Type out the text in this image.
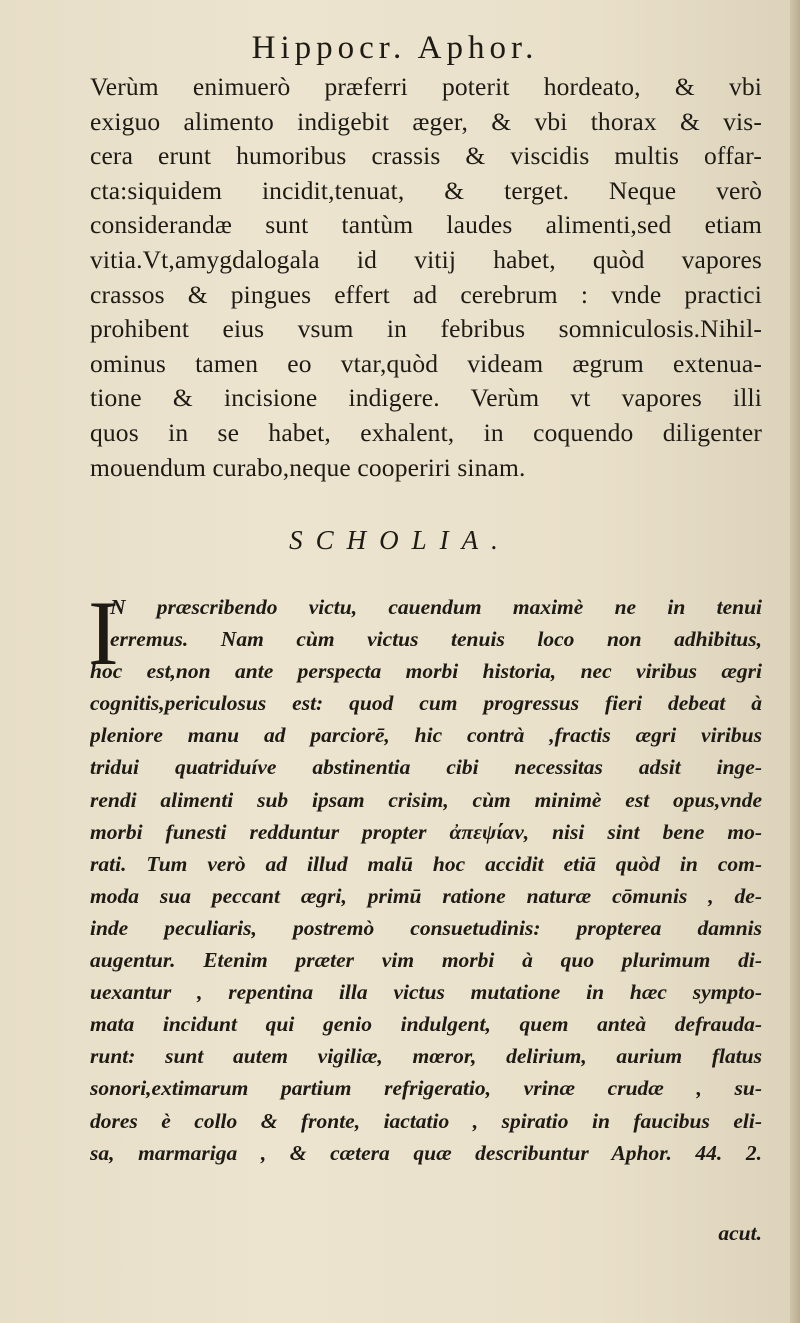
Hippocr. Aphor.
Verùm enimuerò præferri poterit hordeato, & vbi
exiguo alimento indigebit æger, & vbi thorax & vis-
cera erunt humoribus crassis & viscidis multis offar-
cta:siquidem incidit,tenuat, & terget. Neque verò
considerandæ sunt tantùm laudes alimenti,sed etiam
vitia.Vt,amygdalogala id vitij habet, quòd vapores
crassos & pingues effert ad cerebrum : vnde practici
prohibent eius vsum in febribus somniculosis.Nihil-
ominus tamen eo vtar,quòd videam ægrum extenua-
tione & incisione indigere. Verùm vt vapores illi
quos in se habet, exhalent, in coquendo diligenter
mouendum curabo,neque cooperiri sinam.
SCHOLIA.
I
N præscribendo victu, cauendum maximè ne in tenui
erremus. Nam cùm victus tenuis loco non adhibitus,
hoc est,non ante perspecta morbi historia, nec viribus ægri
cognitis,periculosus est: quod cum progressus fieri debeat à
pleniore manu ad parciorē, hic contrà ,fractis ægri viribus
tridui quatriduíve abstinentia cibi necessitas adsit inge-
rendi alimenti sub ipsam crisim, cùm minimè est opus,vnde
morbi funesti redduntur propter ἀπεψίαν, nisi sint bene mo-
rati. Tum verò ad illud malū hoc accidit etiā quòd in com-
moda sua peccant ægri, primū ratione naturæ cōmunis , de-
inde peculiaris, postremò consuetudinis: propterea damnis
augentur. Etenim præter vim morbi à quo plurimum di-
uexantur , repentina illa victus mutatione in hæc sympto-
mata incidunt qui genio indulgent, quem anteà defrauda-
runt: sunt autem vigiliæ, mœror, delirium, aurium flatus
sonori,extimarum partium refrigeratio, vrinæ crudæ , su-
dores è collo & fronte, iactatio , spiratio in faucibus eli-
sa, marmariga , & cætera quæ describuntur Aphor. 44. 2.
acut.
